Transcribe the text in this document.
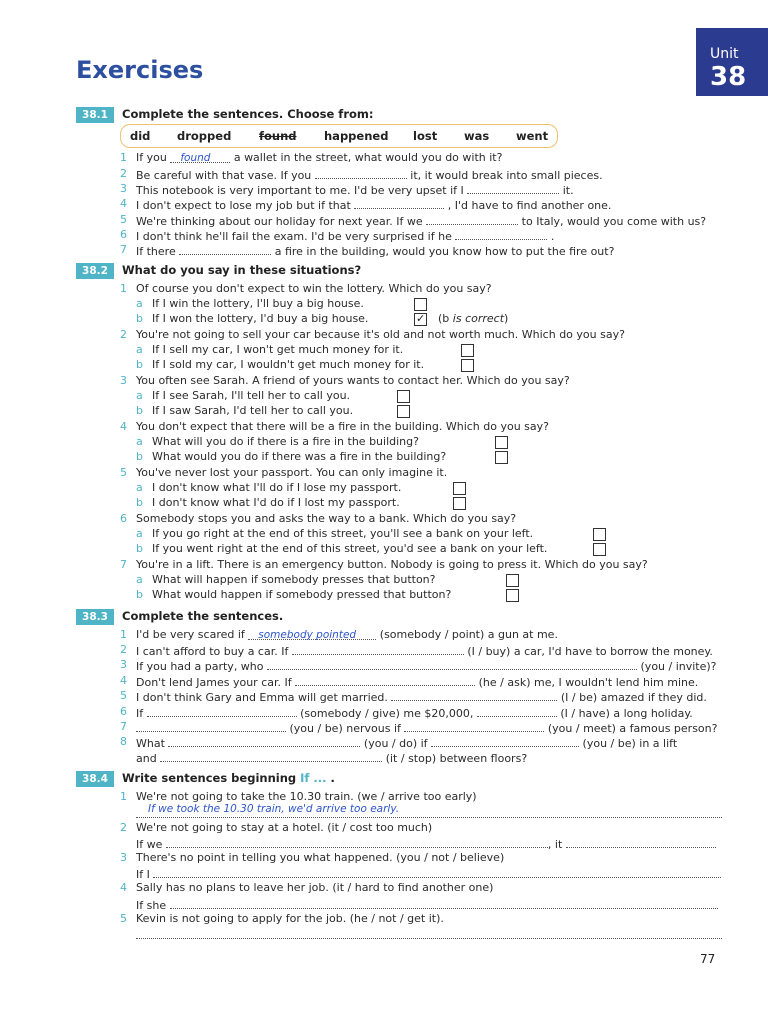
Unit
38
Exercises
38.1	Complete the sentences. Choose from:
did dropped found happened lost was went
1 If you found a wallet in the street, what would you do with it?
2 Be careful with that vase. If you	it, it would break into small pieces.
3 This notebook is very important to me. I'd be very upset if I	it.
4 I don't expect to lose my job but if that	, I'd have to find another one.
5 We're thinking about our holiday for next year. If we	to Italy, would you come with us?
6 I don't think he'll fail the exam. I'd be very surprised if he	.
7 If there	a fire in the building, would you know how to put the fire out?
38.2	What do you say in these situations?
1 Of course you don't expect to win the lottery. Which do you say?
a If I win the lottery, I'll buy a big house.
b If I won the lottery, I'd buy a big house.	(b is correct)
✓
2 You're not going to sell your car because it's old and not worth much. Which do you say?
a If I sell my car, I won't get much money for it.
b If I sold my car, I wouldn't get much money for it.
3 You often see Sarah. A friend of yours wants to contact her. Which do you say?
a If I see Sarah, I'll tell her to call you.
b If I saw Sarah, I'd tell her to call you.
4 You don't expect that there will be a fire in the building. Which do you say?
a What will you do if there is a fire in the building?
b What would you do if there was a fire in the building?
5 You've never lost your passport. You can only imagine it.
a I don't know what I'll do if I lose my passport.
b I don't know what I'd do if I lost my passport.
6 Somebody stops you and asks the way to a bank. Which do you say?
a If you go right at the end of this street, you'll see a bank on your left.
b If you went right at the end of this street, you'd see a bank on your left.
7 You're in a lift. There is an emergency button. Nobody is going to press it. Which do you say?
a What will happen if somebody presses that button?
b What would happen if somebody pressed that button?
38.3	Complete the sentences.
1 I'd be very scared if somebody pointed (somebody / point) a gun at me.
2 I can't afford to buy a car. If	(I / buy) a car, I'd have to borrow the money.
3 If you had a party, who	(you / invite)?
4 Don't lend James your car. If	(he / ask) me, I wouldn't lend him mine.
5 I don't think Gary and Emma will get married.	(I / be) amazed if they did.
6 If	(somebody / give) me $20,000,	(I / have) a long holiday.
7	(you / be) nervous if	(you / meet) a famous person?
8 What	(you / do) if	(you / be) in a lift
and	(it / stop) between floors?
38.4	Write sentences beginning If ... .
1 We're not going to take the 10.30 train. (we / arrive too early)
If we took the 10.30 train, we'd arrive too early.
2 We're not going to stay at a hotel. (it / cost too much)
If we	, it
3 There's no point in telling you what happened. (you / not / believe)
If I
4 Sally has no plans to leave her job. (it / hard to find another one)
If she
5 Kevin is not going to apply for the job. (he / not / get it).
77
